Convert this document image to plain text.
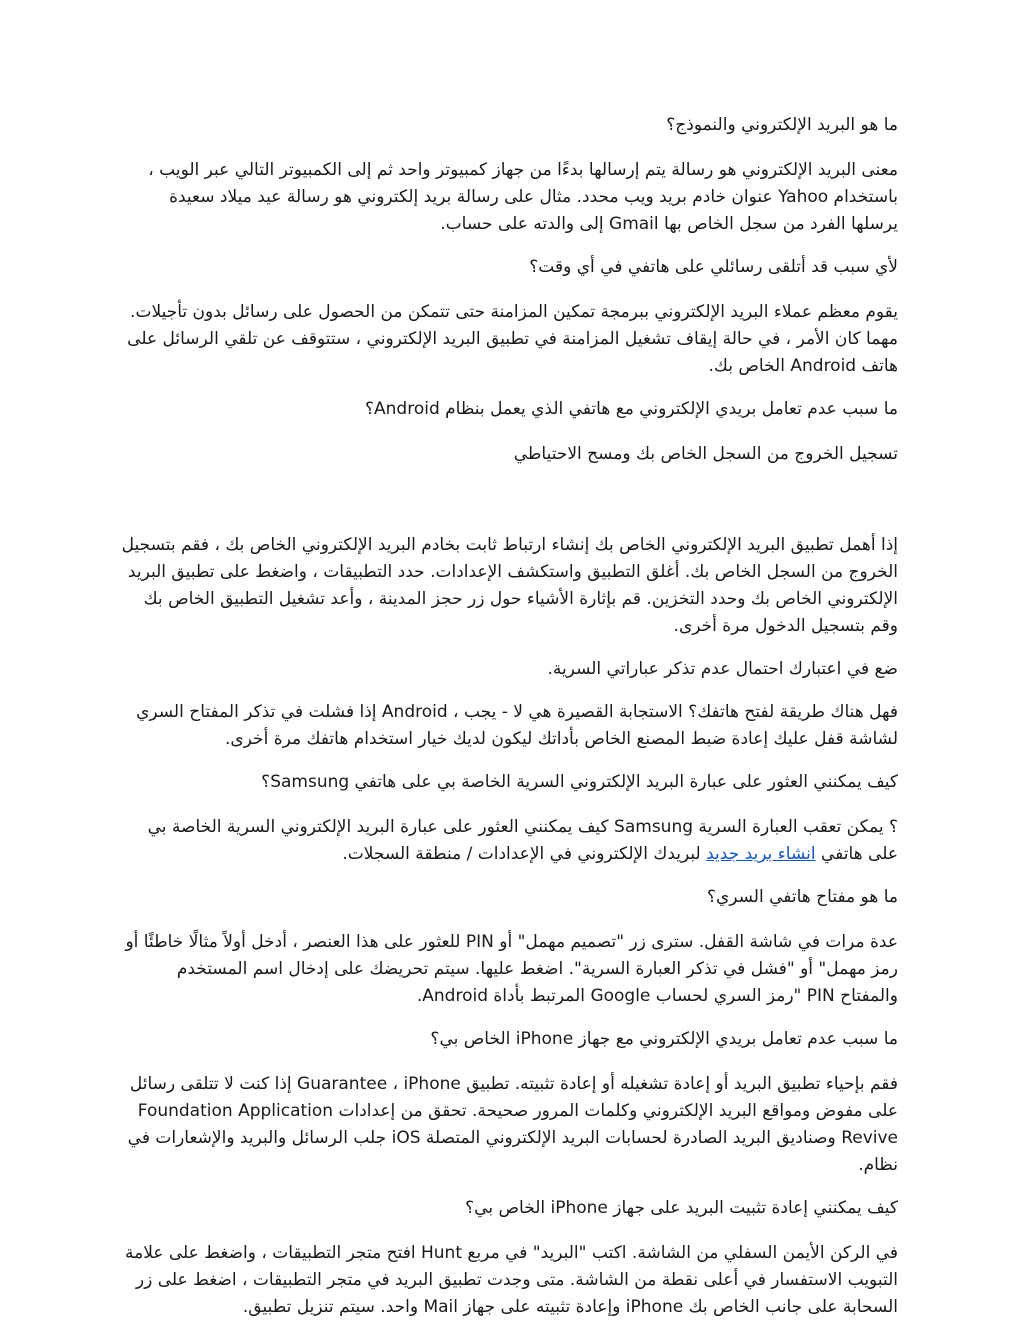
ما هو البريد الإلكتروني والنموذج؟

معنى البريد الإلكتروني هو رسالة يتم إرسالها بدءًا من جهاز كمبيوتر واحد ثم إلى الكمبيوتر التالي عبر الويب ، باستخدام Yahoo عنوان خادم بريد ويب محدد. مثال على رسالة بريد إلكتروني هو رسالة عيد ميلاد سعيدة يرسلها الفرد من سجل الخاص بها Gmail إلى والدته على حساب.

لأي سبب قد أتلقى رسائلي على هاتفي في أي وقت؟

يقوم معظم عملاء البريد الإلكتروني ببرمجة تمكين المزامنة حتى تتمكن من الحصول على رسائل بدون تأجيلات. مهما كان الأمر ، في حالة إيقاف تشغيل المزامنة في تطبيق البريد الإلكتروني ، ستتوقف عن تلقي الرسائل على هاتف Android الخاص بك.

ما سبب عدم تعامل بريدي الإلكتروني مع هاتفي الذي يعمل بنظام Android؟

تسجيل الخروج من السجل الخاص بك ومسح الاحتياطي

إذا أهمل تطبيق البريد الإلكتروني الخاص بك إنشاء ارتباط ثابت بخادم البريد الإلكتروني الخاص بك ، فقم بتسجيل الخروج من السجل الخاص بك. أغلق التطبيق واستكشف الإعدادات. حدد التطبيقات ، واضغط على تطبيق البريد الإلكتروني الخاص بك وحدد التخزين. قم بإثارة الأشياء حول زر حجز المدينة ، وأعد تشغيل التطبيق الخاص بك وقم بتسجيل الدخول مرة أخرى.

ضع في اعتبارك احتمال عدم تذكر عباراتي السرية.

فهل هناك طريقة لفتح هاتفك؟ الاستجابة القصيرة هي لا - يجب ، Android إذا فشلت في تذكر المفتاح السري لشاشة قفل عليك إعادة ضبط المصنع الخاص بأداتك ليكون لديك خيار استخدام هاتفك مرة أخرى.

كيف يمكنني العثور على عبارة البريد الإلكتروني السرية الخاصة بي على هاتفي Samsung؟

؟ يمكن تعقب العبارة السرية Samsung كيف يمكنني العثور على عبارة البريد الإلكتروني السرية الخاصة بي على هاتفي انشاء بريد جديد لبريدك الإلكتروني في الإعدادات / منطقة السجلات.

ما هو مفتاح هاتفي السري؟

عدة مرات في شاشة القفل. سترى زر "تصميم مهمل" أو PIN للعثور على هذا العنصر ، أدخل أولاً مثالًا خاطئًا أو رمز مهمل" أو "فشل في تذكر العبارة السرية". اضغط عليها. سيتم تحريضك على إدخال اسم المستخدم والمفتاح PIN "رمز السري لحساب Google المرتبط بأداة Android.

ما سبب عدم تعامل بريدي الإلكتروني مع جهاز iPhone الخاص بي؟

فقم بإحياء تطبيق البريد أو إعادة تشغيله أو إعادة تثبيته. تطبيق Guarantee ، iPhone إذا كنت لا تتلقى رسائل على مفوض ومواقع البريد الإلكتروني وكلمات المرور صحيحة. تحقق من إعدادات Foundation Application Revive وصناديق البريد الصادرة لحسابات البريد الإلكتروني المتصلة iOS جلب الرسائل والبريد والإشعارات في نظام.

كيف يمكنني إعادة تثبيت البريد على جهاز iPhone الخاص بي؟

في الركن الأيمن السفلي من الشاشة. اكتب "البريد" في مربع Hunt افتح متجر التطبيقات ، واضغط على علامة التبويب الاستفسار في أعلى نقطة من الشاشة. متى وجدت تطبيق البريد في متجر التطبيقات ، اضغط على زر السحابة على جانب الخاص بك iPhone وإعادة تثبيته على جهاز Mail واحد. سيتم تنزيل تطبيق.
